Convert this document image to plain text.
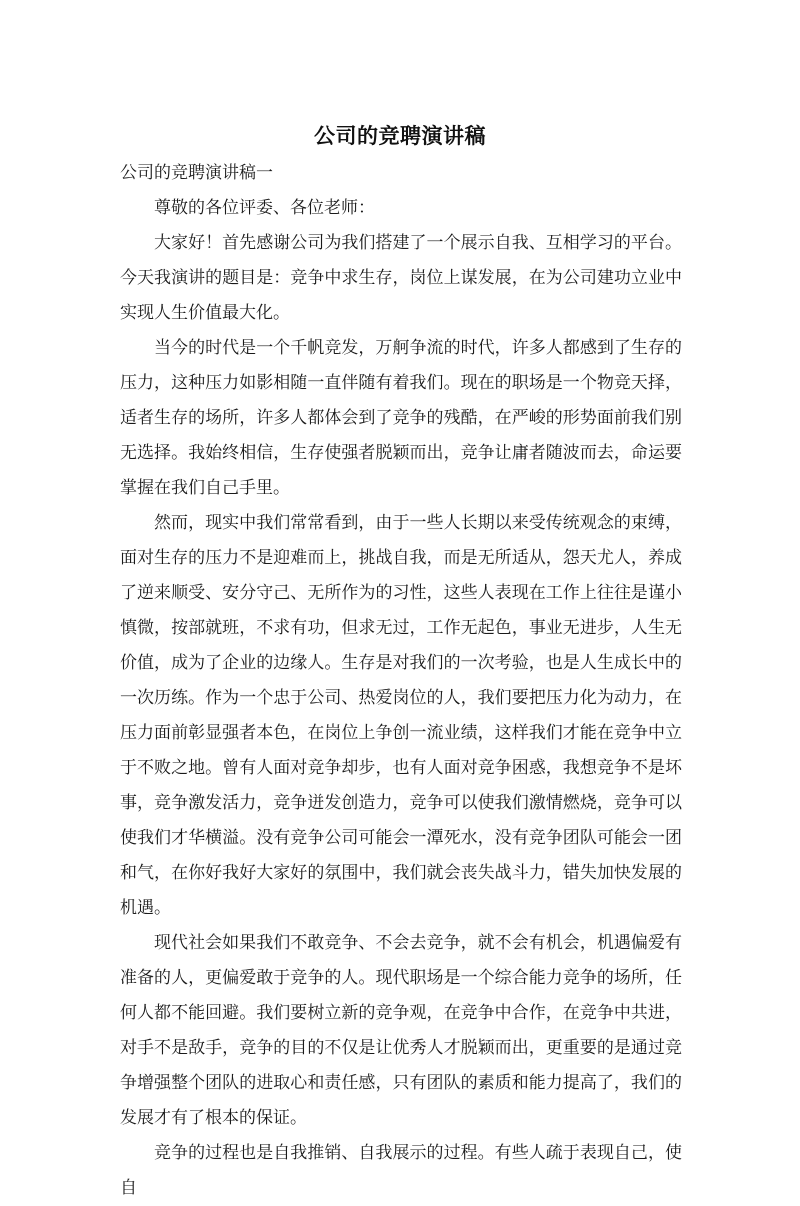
公司的竞聘演讲稿

公司的竞聘演讲稿一

尊敬的各位评委、各位老师：

大家好！首先感谢公司为我们搭建了一个展示自我、互相学习的平台。今天我演讲的题目是：竞争中求生存，岗位上谋发展，在为公司建功立业中实现人生价值最大化。

当今的时代是一个千帆竞发，万舸争流的时代，许多人都感到了生存的压力，这种压力如影相随一直伴随有着我们。现在的职场是一个物竞天择，适者生存的场所，许多人都体会到了竞争的残酷，在严峻的形势面前我们别无选择。我始终相信，生存使强者脱颖而出，竞争让庸者随波而去，命运要掌握在我们自己手里。

然而，现实中我们常常看到，由于一些人长期以来受传统观念的束缚，面对生存的压力不是迎难而上，挑战自我，而是无所适从，怨天尤人，养成了逆来顺受、安分守己、无所作为的习性，这些人表现在工作上往往是谨小慎微，按部就班，不求有功，但求无过，工作无起色，事业无进步，人生无价值，成为了企业的边缘人。生存是对我们的一次考验，也是人生成长中的一次历练。作为一个忠于公司、热爱岗位的人，我们要把压力化为动力，在压力面前彰显强者本色，在岗位上争创一流业绩，这样我们才能在竞争中立于不败之地。曾有人面对竞争却步，也有人面对竞争困惑，我想竞争不是坏事，竞争激发活力，竞争迸发创造力，竞争可以使我们激情燃烧，竞争可以使我们才华横溢。没有竞争公司可能会一潭死水，没有竞争团队可能会一团和气，在你好我好大家好的氛围中，我们就会丧失战斗力，错失加快发展的机遇。

现代社会如果我们不敢竞争、不会去竞争，就不会有机会，机遇偏爱有准备的人，更偏爱敢于竞争的人。现代职场是一个综合能力竞争的场所，任何人都不能回避。我们要树立新的竞争观，在竞争中合作，在竞争中共进，对手不是敌手，竞争的目的不仅是让优秀人才脱颖而出，更重要的是通过竞争增强整个团队的进取心和责任感，只有团队的素质和能力提高了，我们的发展才有了根本的保证。

竞争的过程也是自我推销、自我展示的过程。有些人疏于表现自己，使自
